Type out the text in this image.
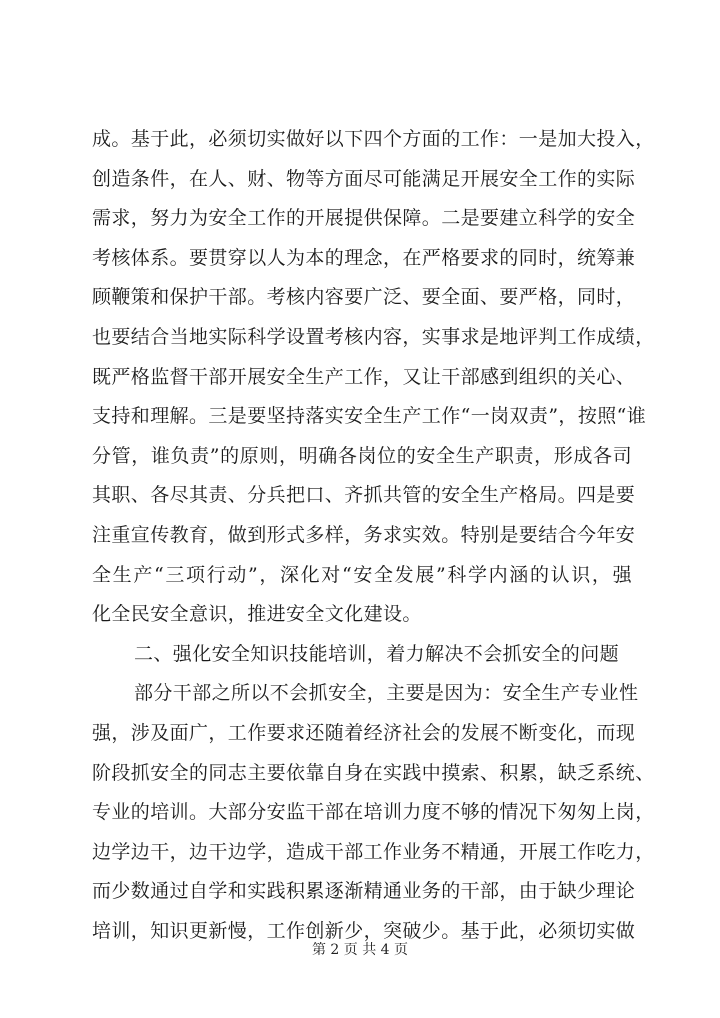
成。基于此，必须切实做好以下四个方面的工作：一是加大投入，
创造条件，在人、财、物等方面尽可能满足开展安全工作的实际
需求，努力为安全工作的开展提供保障。二是要建立科学的安全
考核体系。要贯穿以人为本的理念，在严格要求的同时，统筹兼
顾鞭策和保护干部。考核内容要广泛、要全面、要严格，同时，
也要结合当地实际科学设置考核内容，实事求是地评判工作成绩，
既严格监督干部开展安全生产工作，又让干部感到组织的关心、
支持和理解。三是要坚持落实安全生产工作“一岗双责”，按照“谁
分管，谁负责”的原则，明确各岗位的安全生产职责，形成各司
其职、各尽其责、分兵把口、齐抓共管的安全生产格局。四是要
注重宣传教育，做到形式多样，务求实效。特别是要结合今年安
全生产“三项行动”，深化对“安全发展”科学内涵的认识，强
化全民安全意识，推进安全文化建设。
二、强化安全知识技能培训，着力解决不会抓安全的问题
部分干部之所以不会抓安全，主要是因为：安全生产专业性
强，涉及面广，工作要求还随着经济社会的发展不断变化，而现
阶段抓安全的同志主要依靠自身在实践中摸索、积累，缺乏系统、
专业的培训。大部分安监干部在培训力度不够的情况下匆匆上岗，
边学边干，边干边学，造成干部工作业务不精通，开展工作吃力，
而少数通过自学和实践积累逐渐精通业务的干部，由于缺少理论
培训，知识更新慢，工作创新少，突破少。基于此，必须切实做
第 2 页 共 4 页
